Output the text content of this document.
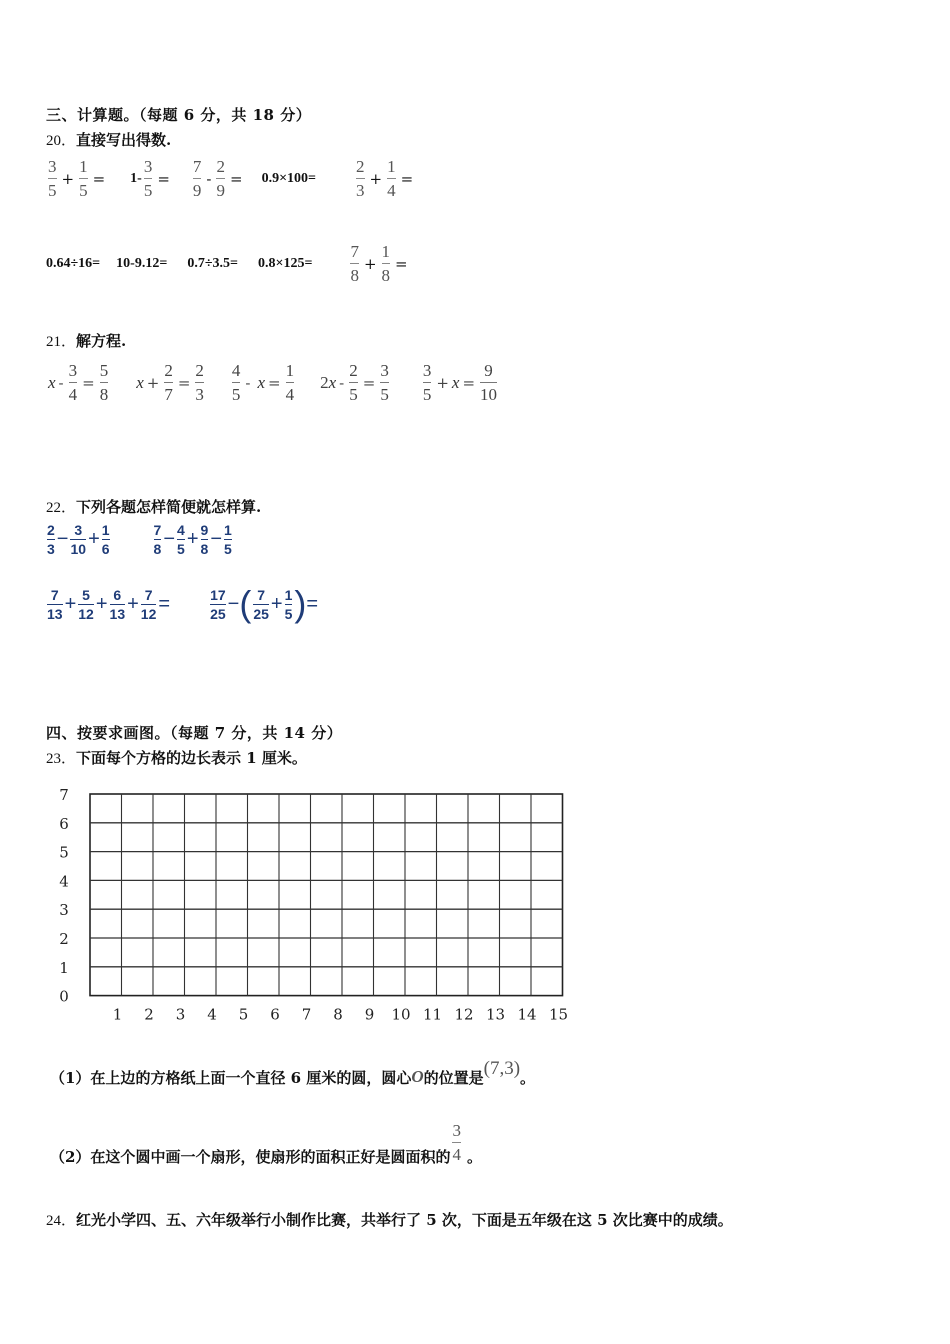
三、计算题。（每题 6 分，共 18 分）
20．直接写出得数.
$\frac{3}{5} + \frac{1}{5} = 1- \frac{3}{5} = \frac{7}{9} - \frac{2}{9} = 0.9\times 100= \frac{2}{3} + \frac{1}{4}$ =
$0.64\div 16= 10-9.12= 0.7\div 3.5= 0.8\times 125= \frac{7}{8} + \frac{1}{8}$ =
21．解方程.
$x - \frac{3}{4} = \frac{5}{8}$ $x + \frac{2}{7} = \frac{2}{3} \frac{4}{5} - x = \frac{1}{4} 2$ $x - \frac{2}{5} = \frac{3}{5} \frac{3}{5} + x = \frac{9}{10}$
22．下列各题怎样简便就怎样算.
$\frac{2}{3} - \frac{3}{10} + \frac{1}{6}$	$\frac{7}{8} - \frac{4}{5} + \frac{9}{8} - \frac{1}{5}$
$\frac{7}{13} + \frac{5}{12} + \frac{6}{13} + \frac{7}{12}$ =	$\frac{17}{25}$ − ( $\frac{7}{25} + \frac{1}{5}$ ) =
四、按要求画图。（每题 7 分，共 14 分）
23．下面每个方格的边长表示 1 厘米。
7
6
5
4
3
2
1
0
1 2 3 4 5 6 7 8 9 10 11 12 13 14 15
（1）在上边的方格纸上面一个直径 6 厘米的圆，圆心 O 的位置是 (7,3) 。
（2）在这个圆中画一个扇形，使扇形的面积正好是圆面积的 $\frac{3}{4}$ 。
24．红光小学四、五、六年级举行小制作比赛，共举行了 5 次，下面是五年级在这 5 次比赛中的成绩。
